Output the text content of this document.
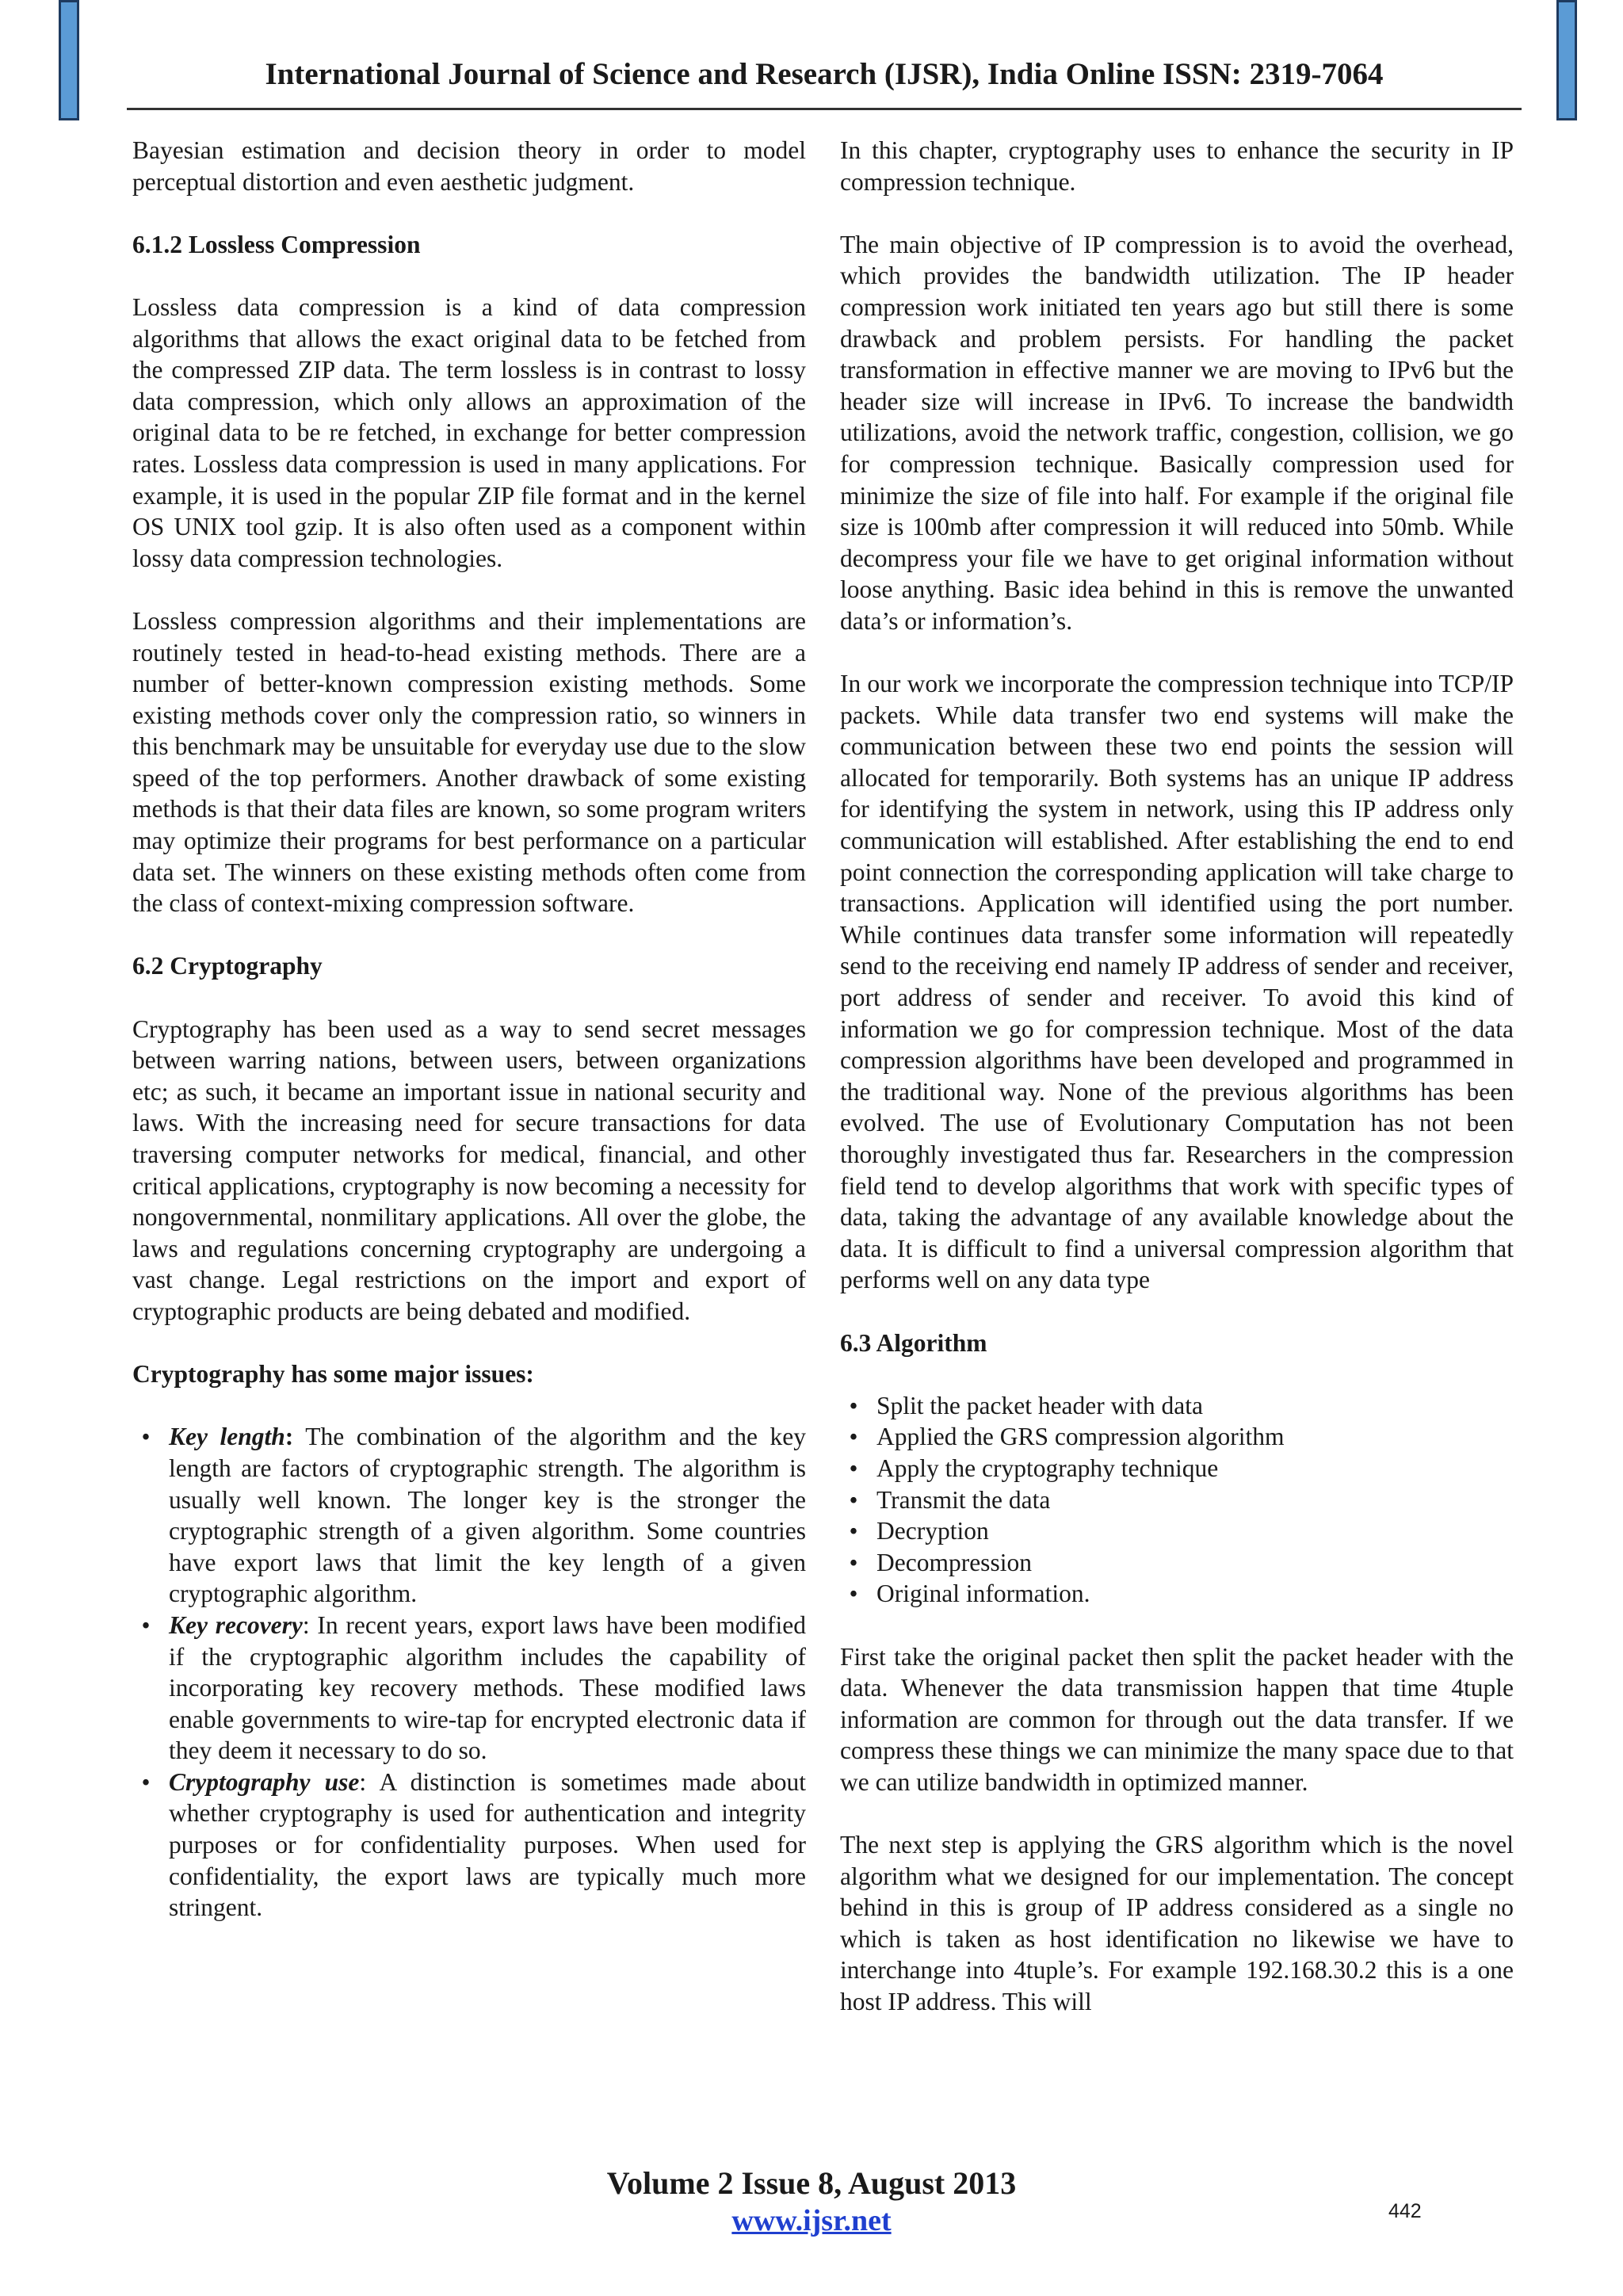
International Journal of Science and Research (IJSR), India Online ISSN: 2319-7064

Bayesian estimation and decision theory in order to model perceptual distortion and even aesthetic judgment.

6.1.2 Lossless Compression

Lossless data compression is a kind of data compression algorithms that allows the exact original data to be fetched from the compressed ZIP data. The term lossless is in contrast to lossy data compression, which only allows an approximation of the original data to be re fetched, in exchange for better compression rates. Lossless data compression is used in many applications. For example, it is used in the popular ZIP file format and in the kernel OS UNIX tool gzip. It is also often used as a component within lossy data compression technologies.

Lossless compression algorithms and their implementations are routinely tested in head-to-head existing methods. There are a number of better-known compression existing methods. Some existing methods cover only the compression ratio, so winners in this benchmark may be unsuitable for everyday use due to the slow speed of the top performers. Another drawback of some existing methods is that their data files are known, so some program writers may optimize their programs for best performance on a particular data set. The winners on these existing methods often come from the class of context-mixing compression software.

6.2 Cryptography

Cryptography has been used as a way to send secret messages between warring nations, between users, between organizations etc; as such, it became an important issue in national security and laws. With the increasing need for secure transactions for data traversing computer networks for medical, financial, and other critical applications, cryptography is now becoming a necessity for nongovernmental, nonmilitary applications. All over the globe, the laws and regulations concerning cryptography are undergoing a vast change. Legal restrictions on the import and export of cryptographic products are being debated and modified.

Cryptography has some major issues:
• Key length: The combination of the algorithm and the key length are factors of cryptographic strength. The algorithm is usually well known. The longer key is the stronger the cryptographic strength of a given algorithm. Some countries have export laws that limit the key length of a given cryptographic algorithm.
• Key recovery: In recent years, export laws have been modified if the cryptographic algorithm includes the capability of incorporating key recovery methods. These modified laws enable governments to wire-tap for encrypted electronic data if they deem it necessary to do so.
• Cryptography use: A distinction is sometimes made about whether cryptography is used for authentication and integrity purposes or for confidentiality purposes. When used for confidentiality, the export laws are typically much more stringent.

In this chapter, cryptography uses to enhance the security in IP compression technique.

The main objective of IP compression is to avoid the overhead, which provides the bandwidth utilization. The IP header compression work initiated ten years ago but still there is some drawback and problem persists. For handling the packet transformation in effective manner we are moving to IPv6 but the header size will increase in IPv6. To increase the bandwidth utilizations, avoid the network traffic, congestion, collision, we go for compression technique. Basically compression used for minimize the size of file into half. For example if the original file size is 100mb after compression it will reduced into 50mb. While decompress your file we have to get original information without loose anything. Basic idea behind in this is remove the unwanted data’s or information’s.

In our work we incorporate the compression technique into TCP/IP packets. While data transfer two end systems will make the communication between these two end points the session will allocated for temporarily. Both systems has an unique IP address for identifying the system in network, using this IP address only communication will established. After establishing the end to end point connection the corresponding application will take charge to transactions. Application will identified using the port number. While continues data transfer some information will repeatedly send to the receiving end namely IP address of sender and receiver, port address of sender and receiver. To avoid this kind of information we go for compression technique. Most of the data compression algorithms have been developed and programmed in the traditional way. None of the previous algorithms has been evolved. The use of Evolutionary Computation has not been thoroughly investigated thus far. Researchers in the compression field tend to develop algorithms that work with specific types of data, taking the advantage of any available knowledge about the data. It is difficult to find a universal compression algorithm that performs well on any data type

6.3 Algorithm
• Split the packet header with data
• Applied the GRS compression algorithm
• Apply the cryptography technique
• Transmit the data
• Decryption
• Decompression
• Original information.

First take the original packet then split the packet header with the data. Whenever the data transmission happen that time 4tuple information are common for through out the data transfer. If we compress these things we can minimize the many space due to that we can utilize bandwidth in optimized manner.

The next step is applying the GRS algorithm which is the novel algorithm what we designed for our implementation. The concept behind in this is group of IP address considered as a single no which is taken as host identification no likewise we have to interchange into 4tuple’s. For example 192.168.30.2 this is a one host IP address. This will

Volume 2 Issue 8, August 2013
www.ijsr.net	442
